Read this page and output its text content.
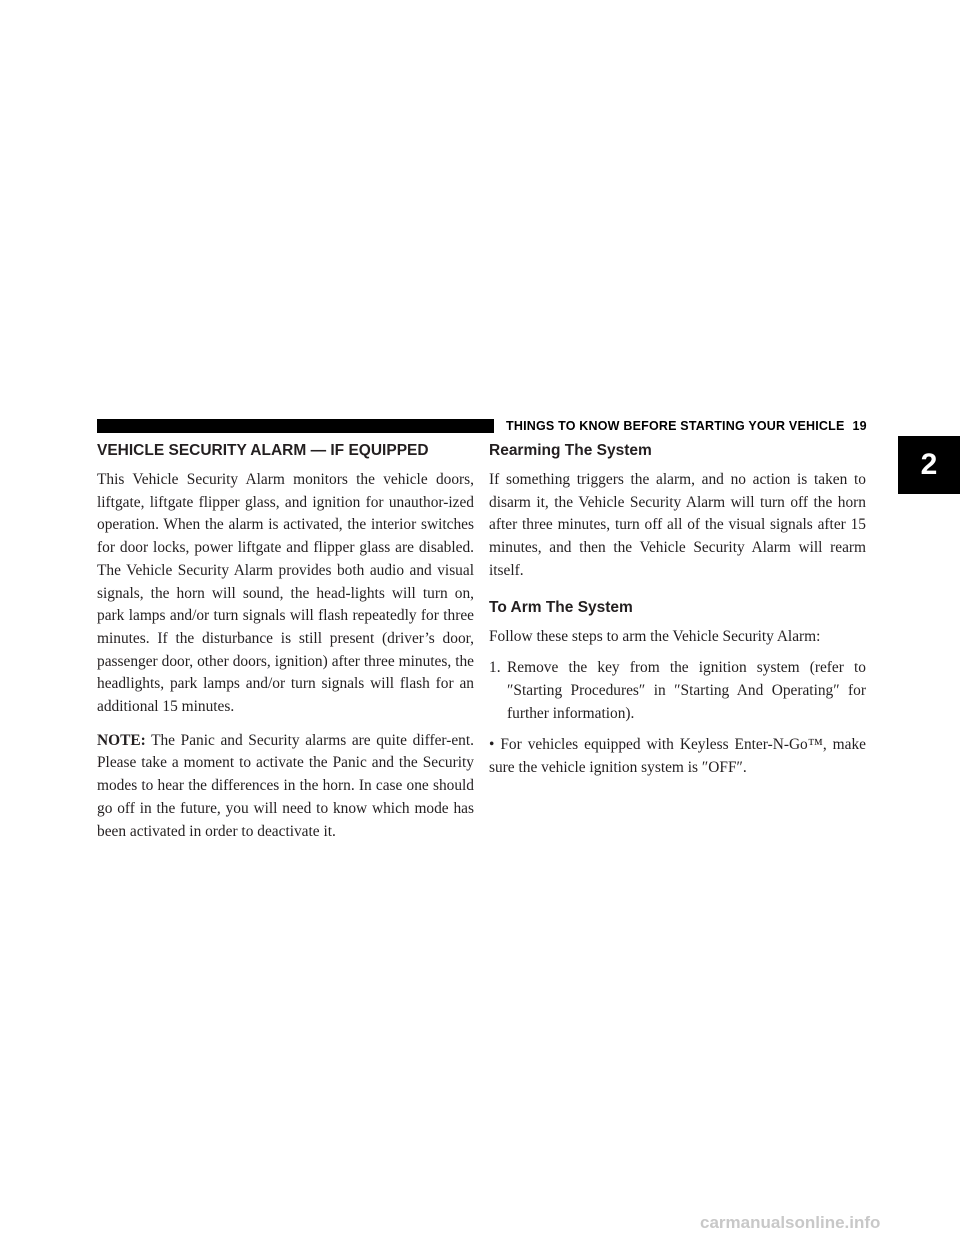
THINGS TO KNOW BEFORE STARTING YOUR VEHICLE 19
2
VEHICLE SECURITY ALARM — IF EQUIPPED

This Vehicle Security Alarm monitors the vehicle doors, liftgate, liftgate flipper glass, and ignition for unauthor-ized operation. When the alarm is activated, the interior switches for door locks, power liftgate and flipper glass are disabled. The Vehicle Security Alarm provides both audio and visual signals, the horn will sound, the head-lights will turn on, park lamps and/or turn signals will flash repeatedly for three minutes. If the disturbance is still present (driver’s door, passenger door, other doors, ignition) after three minutes, the headlights, park lamps and/or turn signals will flash for an additional 15 minutes.

NOTE: The Panic and Security alarms are quite differ-ent. Please take a moment to activate the Panic and the Security modes to hear the differences in the horn. In case one should go off in the future, you will need to know which mode has been activated in order to deactivate it.

Rearming The System

If something triggers the alarm, and no action is taken to disarm it, the Vehicle Security Alarm will turn off the horn after three minutes, turn off all of the visual signals after 15 minutes, and then the Vehicle Security Alarm will rearm itself.

To Arm The System

Follow these steps to arm the Vehicle Security Alarm:

1. Remove the key from the ignition system (refer to ″Starting Procedures″ in ″Starting And Operating″ for further information).

• For vehicles equipped with Keyless Enter-N-Go™, make sure the vehicle ignition system is ″OFF″.

carmanualsonline.info
